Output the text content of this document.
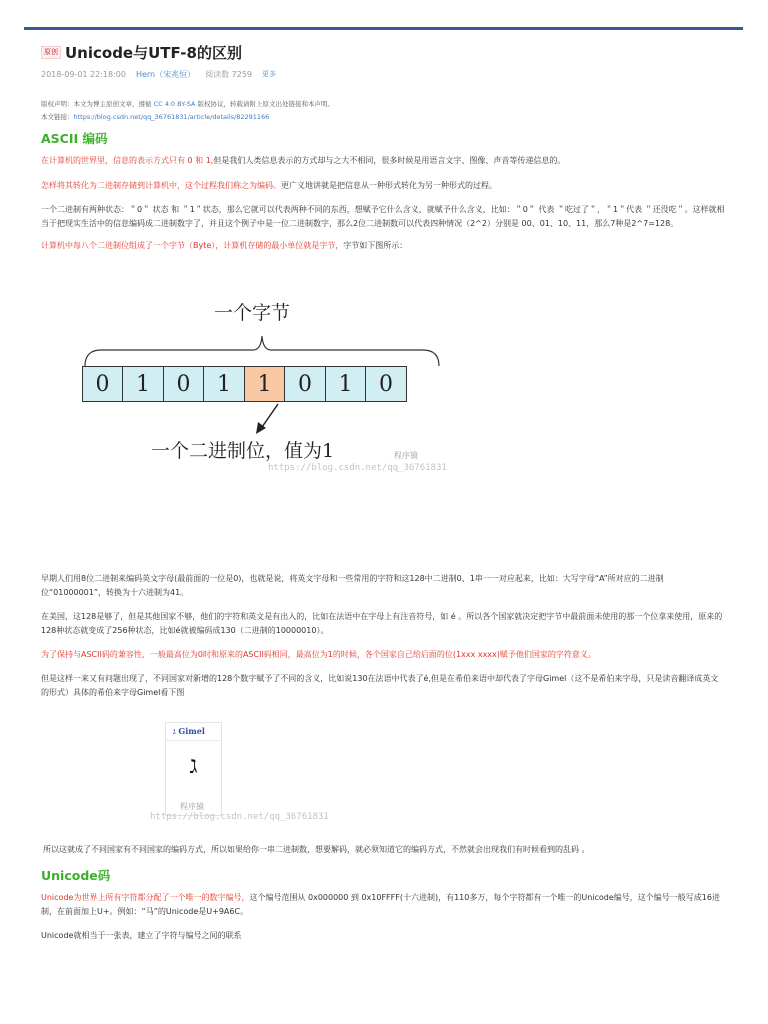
原创 Unicode与UTF-8的区别
2018-09-01 22:18:00 Hern（宋兆恒） 阅读数 7259 更多
版权声明：本文为博主原创文章，遵循 CC 4.0 BY-SA 版权协议，转载请附上原文出处链接和本声明。
本文链接：https://blog.csdn.net/qq_36761831/article/details/82291166
ASCII 编码

在计算机的世界里，信息的表示方式只有 0 和 1,但是我们人类信息表示的方式却与之大不相同，很多时候是用语言文字、图像、声音等传递信息的。

怎样将其转化为二进制存储到计算机中，这个过程我们称之为编码。更广义地讲就是把信息从一种形式转化为另一种形式的过程。

一个二进制有两种状态：＂0＂ 状态 和 ＂1＂状态，那么它就可以代表两种不同的东西，想赋予它什么含义，就赋予什么含义，比如：＂0＂ 代表 ＂吃过了＂，＂1＂代表 ＂还没吃＂。这样就相当于把现实生活中的信息编码成二进制数字了，并且这个例子中是一位二进制数字，那么2位二进制数可以代表四种情况（2^2）分别是 00、01、10、11，那么7种是2^7=128。

计算机中每八个二进制位组成了一个字节（Byte），计算机存储的最小单位就是字节，字节如下图所示：

一个字节
0	1	0	1	1	0	1	0
一个二进制位，值为1	程序猿
https://blog.csdn.net/qq_36761831

早期人们用8位二进制来编码英文字母(最前面的一位是0)，也就是说，将英文字母和一些常用的字符和这128中二进制0、1串一一对应起来，比如：大写字母“A”所对应的二进制位“01000001”，转换为十六进制为41。

在美国，这128是够了，但是其他国家不够，他们的字符和英文是有出入的，比如在法语中在字母上有注音符号，如 é 。所以各个国家就决定把字节中最前面未使用的那一个位拿来使用，原来的128种状态就变成了256种状态，比如é就被编码成130（二进制的10000010）。

为了保持与ASCII码的兼容性，一般最高位为0时和原来的ASCII码相同，最高位为1的时候，各个国家自己给后面的位(1xxx xxxx)赋予他们国家的字符意义。

但是这样一来又有问题出现了，不同国家对新增的128个数字赋予了不同的含义，比如说130在法语中代表了é,但是在希伯来语中却代表了字母Gimel（这不是希伯来字母，只是读音翻译成英文的形式）具体的希伯来字母Gimel看下图

ג Gimel
ג
程序猿
https://blog.csdn.net/qq_36761831

所以这就成了不同国家有不同国家的编码方式，所以如果给你一串二进制数，想要解码，就必须知道它的编码方式，不然就会出现我们有时候看到的乱码 。

Unicode码

Unicode为世界上所有字符都分配了一个唯一的数字编号，这个编号范围从 0x000000 到 0x10FFFF(十六进制)，有110多万，每个字符都有一个唯一的Unicode编号，这个编号一般写成16进制，在前面加上U+。例如：“马”的Unicode是U+9A6C。

Unicode就相当于一张表，建立了字符与编号之间的联系
